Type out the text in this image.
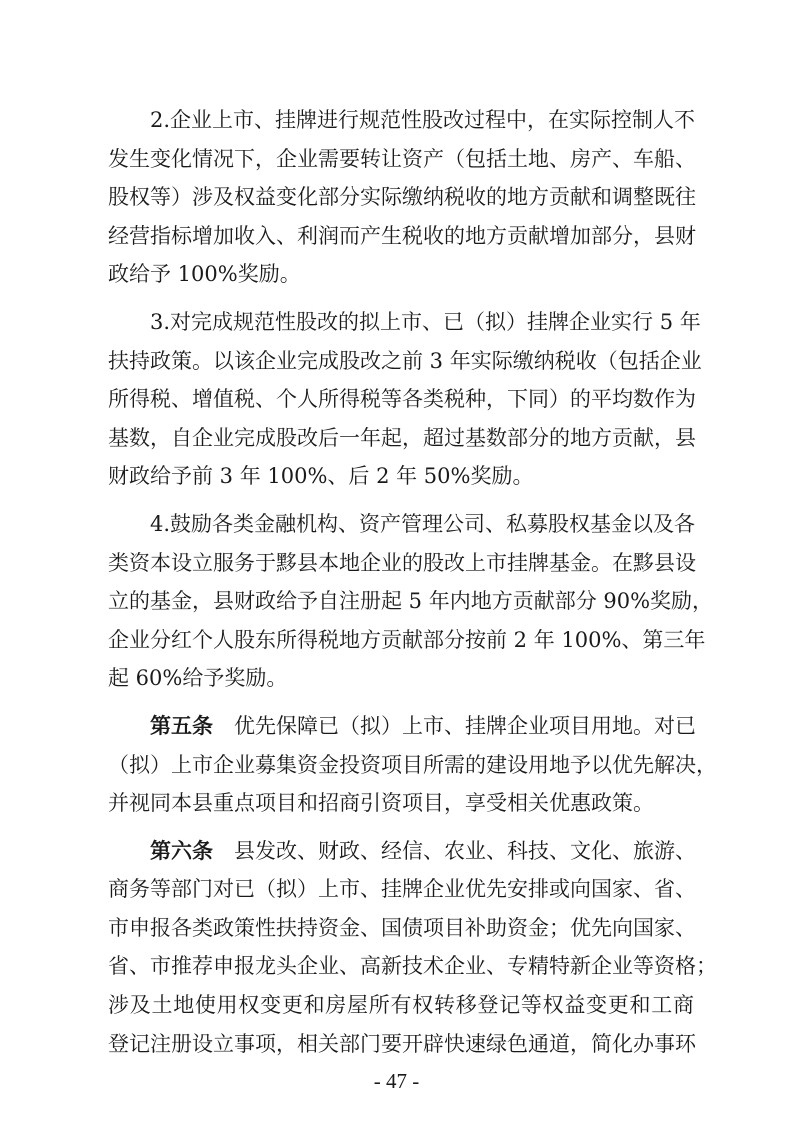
2.企业上市、挂牌进行规范性股改过程中，在实际控制人不
发生变化情况下，企业需要转让资产（包括土地、房产、车船、
股权等）涉及权益变化部分实际缴纳税收的地方贡献和调整既往
经营指标增加收入、利润而产生税收的地方贡献增加部分，县财
政给予 100%奖励。
3.对完成规范性股改的拟上市、已（拟）挂牌企业实行 5 年
扶持政策。以该企业完成股改之前 3 年实际缴纳税收（包括企业
所得税、增值税、个人所得税等各类税种，下同）的平均数作为
基数，自企业完成股改后一年起，超过基数部分的地方贡献，县
财政给予前 3 年 100%、后 2 年 50%奖励。
4.鼓励各类金融机构、资产管理公司、私募股权基金以及各
类资本设立服务于黟县本地企业的股改上市挂牌基金。在黟县设
立的基金，县财政给予自注册起 5 年内地方贡献部分 90%奖励，
企业分红个人股东所得税地方贡献部分按前 2 年 100%、第三年
起 60%给予奖励。
第五条　 优先保障已（拟）上市、挂牌企业项目用地。对已
（拟）上市企业募集资金投资项目所需的建设用地予以优先解决，
并视同本县重点项目和招商引资项目，享受相关优惠政策。
第六条　 县发改、财政、经信、农业、科技、文化、旅游、
商务等部门对已（拟）上市、挂牌企业优先安排或向国家、省、
市申报各类政策性扶持资金、国债项目补助资金；优先向国家、
省、市推荐申报龙头企业、高新技术企业、专精特新企业等资格；
涉及土地使用权变更和房屋所有权转移登记等权益变更和工商
登记注册设立事项，相关部门要开辟快速绿色通道，简化办事环
- 47 -
